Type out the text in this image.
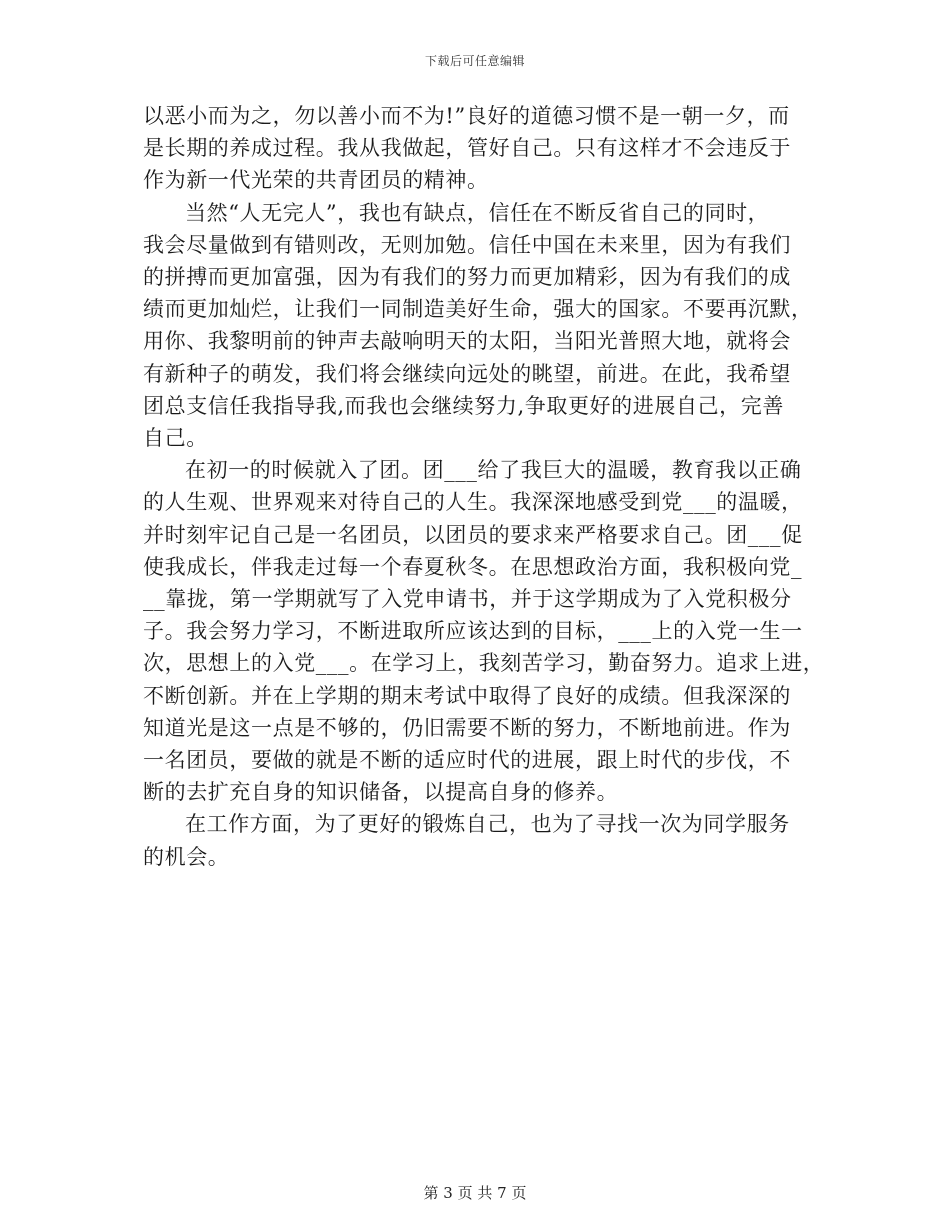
下载后可任意编辑
以恶小而为之，勿以善小而不为!”良好的道德习惯不是一朝一夕，而
是长期的养成过程。我从我做起，管好自己。只有这样才不会违反于
作为新一代光荣的共青团员的精神。
当然“人无完人”，我也有缺点，信任在不断反省自己的同时，
我会尽量做到有错则改，无则加勉。信任中国在未来里，因为有我们
的拼搏而更加富强，因为有我们的努力而更加精彩，因为有我们的成
绩而更加灿烂，让我们一同制造美好生命，强大的国家。不要再沉默，
用你、我黎明前的钟声去敲响明天的太阳，当阳光普照大地，就将会
有新种子的萌发，我们将会继续向远处的眺望，前进。在此，我希望
团总支信任我指导我,而我也会继续努力,争取更好的进展自己，完善
自己。
在初一的时候就入了团。团___给了我巨大的温暖，教育我以正确
的人生观、世界观来对待自己的人生。我深深地感受到党___的温暖，
并时刻牢记自己是一名团员，以团员的要求来严格要求自己。团___促
使我成长，伴我走过每一个春夏秋冬。在思想政治方面，我积极向党_
__靠拢，第一学期就写了入党申请书，并于这学期成为了入党积极分
子。我会努力学习，不断进取所应该达到的目标，___上的入党一生一
次，思想上的入党___。在学习上，我刻苦学习，勤奋努力。追求上进，
不断创新。并在上学期的期末考试中取得了良好的成绩。但我深深的
知道光是这一点是不够的，仍旧需要不断的努力，不断地前进。作为
一名团员，要做的就是不断的适应时代的进展，跟上时代的步伐，不
断的去扩充自身的知识储备，以提高自身的修养。
在工作方面，为了更好的锻炼自己，也为了寻找一次为同学服务
的机会。
第 3 页 共 7 页
